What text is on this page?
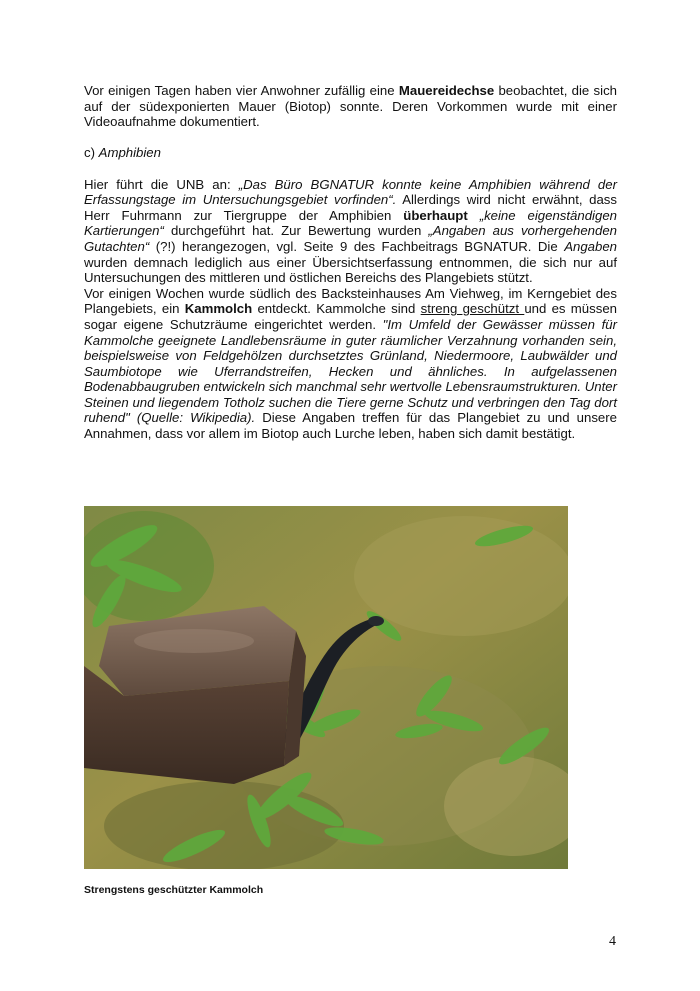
Vor einigen Tagen haben vier Anwohner zufällig eine Mauereidechse beobachtet, die sich auf der südexponierten Mauer (Biotop) sonnte. Deren Vorkommen wurde mit einer Videoaufnahme dokumentiert.

c) Amphibien

Hier führt die UNB an: „Das Büro BGNATUR konnte keine Amphibien während der Erfassungstage im Untersuchungsgebiet vorfinden“. Allerdings wird nicht erwähnt, dass Herr Fuhrmann zur Tiergruppe der Amphibien überhaupt „keine eigenständigen Kartierungen“ durchgeführt hat. Zur Bewertung wurden „Angaben aus vorhergehenden Gutachten“ (?!) herangezogen, vgl. Seite 9 des Fachbeitrags BGNATUR. Die Angaben wurden demnach lediglich aus einer Übersichtserfassung entnommen, die sich nur auf Untersuchungen des mittleren und östlichen Bereichs des Plangebiets stützt.

Vor einigen Wochen wurde südlich des Backsteinhauses Am Viehweg, im Kerngebiet des Plangebiets, ein Kammolch entdeckt. Kammolche sind streng geschützt und es müssen sogar eigene Schutzräume eingerichtet werden. "Im Umfeld der Gewässer müssen für Kammolche geeignete Landlebensräume in guter räumlicher Verzahnung vorhanden sein, beispielsweise von Feldgehölzen durchsetztes Grünland, Niedermoore, Laubwälder und Saumbiotope wie Uferrandstreifen, Hecken und ähnliches. In aufgelassenen Bodenabbaugruben entwickeln sich manchmal sehr wertvolle Lebensraumstrukturen. Unter Steinen und liegendem Totholz suchen die Tiere gerne Schutz und verbringen den Tag dort ruhend" (Quelle: Wikipedia). Diese Angaben treffen für das Plangebiet zu und unsere Annahmen, dass vor allem im Biotop auch Lurche leben, haben sich damit bestätigt.

Strengstens geschützter Kammolch
4
